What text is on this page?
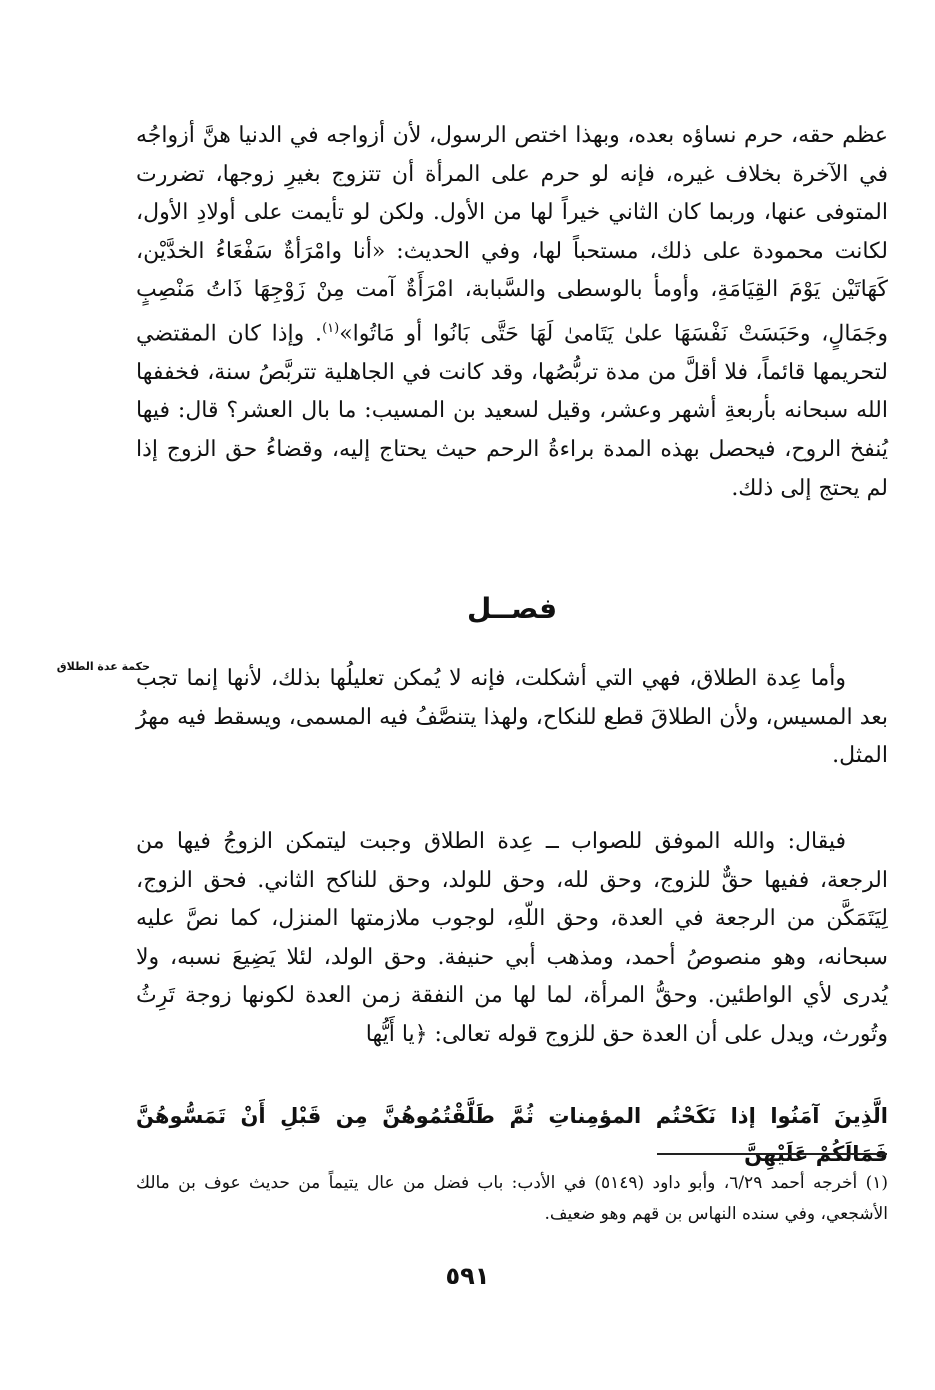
عظم حقه، حرم نساؤه بعده، وبهذا اختص الرسول، لأن أزواجه في الدنيا هنَّ أزواجُه في الآخرة بخلاف غيره، فإنه لو حرم على المرأة أن تتزوج بغيرِ زوجها، تضررت المتوفى عنها، وربما كان الثاني خيراً لها من الأول. ولكن لو تأيمت على أولادِ الأول، لكانت محمودة على ذلك، مستحباً لها، وفي الحديث: «أنا وامْرَأةٌ سَفْعَاءُ الخدَّيْن، كَهَاتَيْن يَوْمَ القِيَامَةِ، وأومأ بالوسطى والسَّبابة، امْرَأَةٌ آمت مِنْ زَوْجِهَا ذَاتُ مَنْصِبٍ وجَمَالٍ، وحَبَسَتْ نَفْسَهَا علىٰ يَتَامىٰ لَهَا حَتَّى بَانُوا أو مَاتُوا»$^{(١)}$. وإذا كان المقتضي لتحريمها قائماً، فلا أقلَّ من مدة تربُّصُها، وقد كانت في الجاهلية تتربَّصُ سنة، فخففها الله سبحانه بأربعةِ أشهر وعشر، وقيل لسعيد بن المسيب: ما بال العشر؟ قال: فيها يُنفخ الروح، فيحصل بهذه المدة براءةُ الرحم حيث يحتاج إليه، وقضاءُ حق الزوج إذا لم يحتج إلى ذلك.

فصــل
حكمة عدة الطلاق

وأما عِدة الطلاق، فهي التي أشكلت، فإنه لا يُمكن تعليلُها بذلك، لأنها إنما تجب بعد المسيس، ولأن الطلاقَ قطع للنكاح، ولهذا يتنصَّفُ فيه المسمى، ويسقط فيه مهرُ المثل.

فيقال: والله الموفق للصواب ــ عِدة الطلاق وجبت ليتمكن الزوجُ فيها من الرجعة، ففيها حقٌّ للزوج، وحق لله، وحق للولد، وحق للناكح الثاني. فحق الزوج، لِيَتَمَكَّن من الرجعة في العدة، وحق اللّهِ، لوجوب ملازمتها المنزل، كما نصَّ عليه سبحانه، وهو منصوصُ أحمد، ومذهب أبي حنيفة. وحق الولد، لئلا يَضِيعَ نسبه، ولا يُدرى لأي الواطئين. وحقُّ المرأة، لما لها من النفقة زمن العدة لكونها زوجة تَرِثُ وتُورث، ويدل على أن العدة حق للزوج قوله تعالى: ﴿يا أَيُّها

الَّذِينَ آمَنُوا إذا نَكَحْتُم المؤمِناتِ ثُمَّ طَلَّقْتُمُوهُنَّ مِن قَبْلِ أَنْ تَمَسُّوهُنَّ فَمَالَكُمْ عَلَيْهِنَّ

(١) أخرجه أحمد ٦/٢٩، وأبو داود (٥١٤٩) في الأدب: باب فضل من عال يتيماً من حديث عوف بن مالك الأشجعي، وفي سنده النهاس بن قهم وهو ضعيف.

٥٩١
